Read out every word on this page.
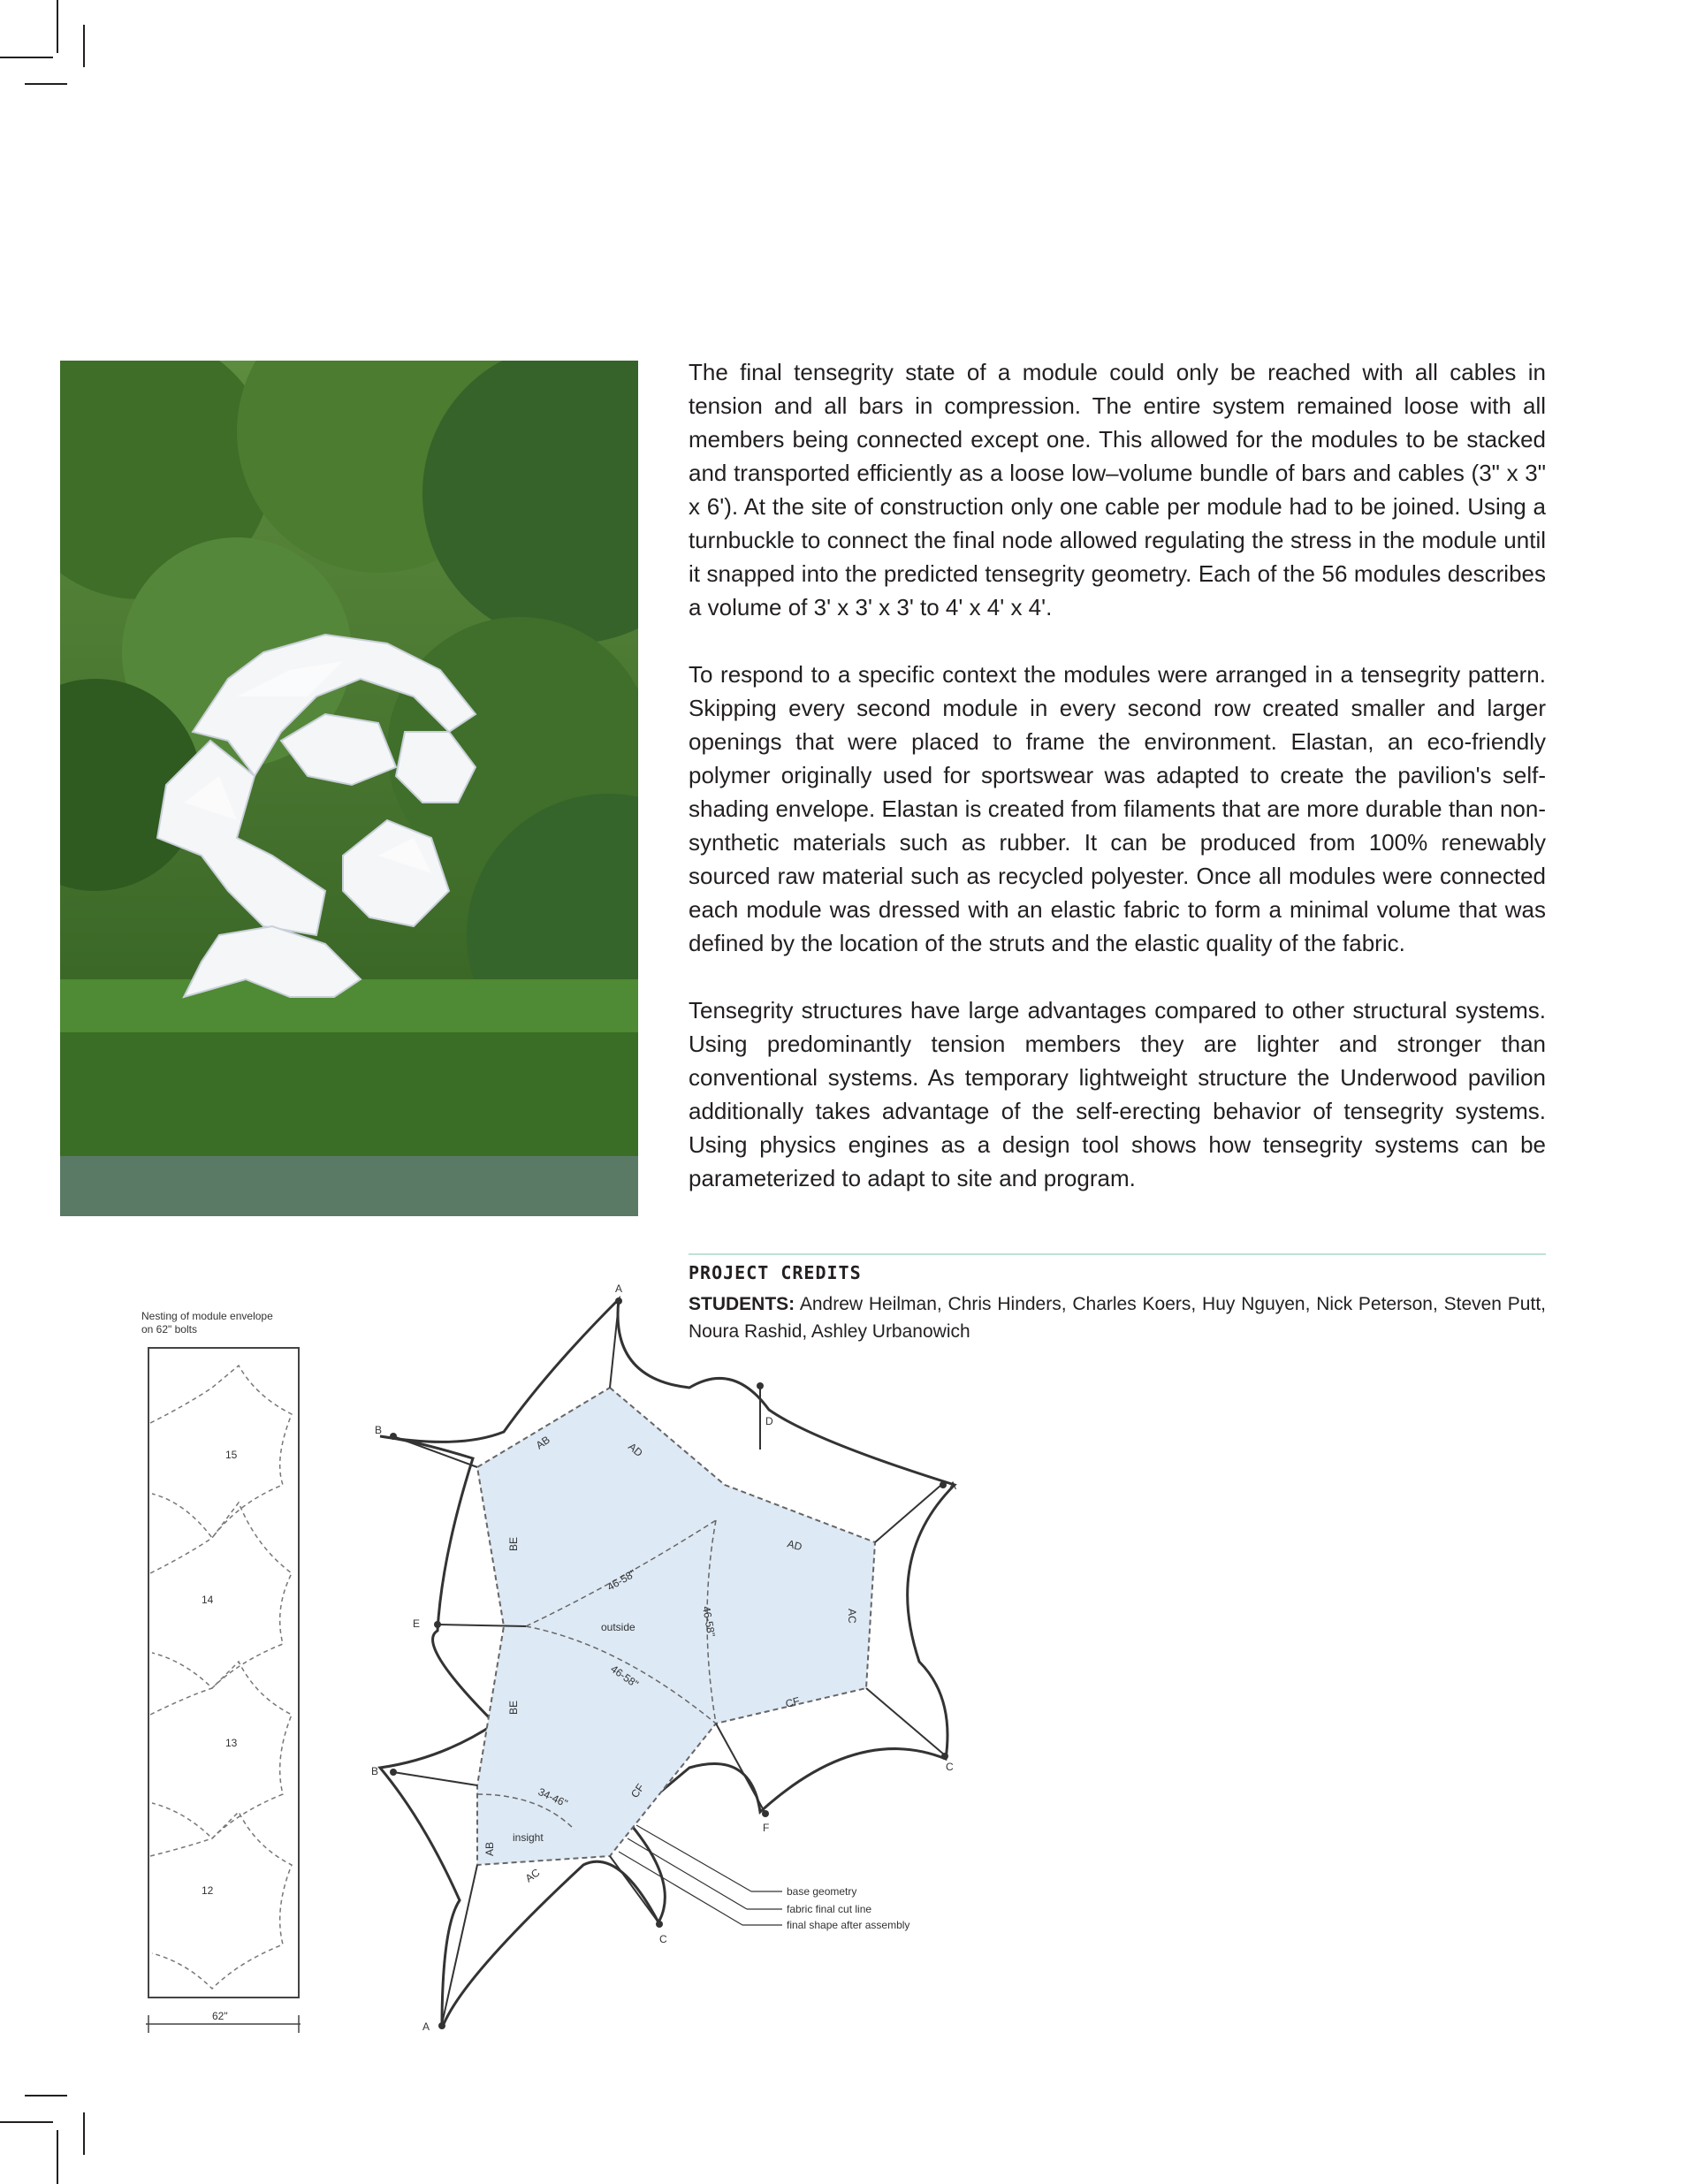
The final tensegrity state of a module could only be reached with all cables in tension and all bars in compression. The entire system remained loose with all members being connected except one. This allowed for the modules to be stacked and transported efficiently as a loose low–volume bundle of bars and cables (3" x 3" x 6'). At the site of construction only one cable per module had to be joined. Using a turnbuckle to connect the final node allowed regulating the stress in the module until it snapped into the predicted tensegrity geometry. Each of the 56 modules describes a volume of 3' x 3' x 3' to 4' x 4' x 4'.

To respond to a specific context the modules were arranged in a tensegrity pattern. Skipping every second module in every second row created smaller and larger openings that were placed to frame the environment. Elastan, an eco-friendly polymer originally used for sportswear was adapted to create the pavilion's self-shading envelope. Elastan is created from filaments that are more durable than non-synthetic materials such as rubber. It can be produced from 100% renewably sourced raw material such as recycled polyester. Once all modules were connected each module was dressed with an elastic fabric to form a minimal volume that was defined by the location of the struts and the elastic quality of the fabric.

Tensegrity structures have large advantages compared to other structural systems. Using predominantly tension members they are lighter and stronger than conventional systems. As temporary lightweight structure the Underwood pavilion additionally takes advantage of the self-erecting behavior of tensegrity systems. Using physics engines as a design tool shows how tensegrity systems can be parameterized to adapt to site and program.

PROJECT CREDITS
STUDENTS: Andrew Heilman, Chris Hinders, Charles Koers, Huy Nguyen, Nick Peterson, Steven Putt, Noura Rashid, Ashley Urbanowich
Nesting of module envelope
on 62" bolts
15
14
13
12
62"
A
B
D
A
E
C
B
F
C
A
AB	AD
BE	AD
AC
BE	CF
CF
AB
AC
46-58"
46-58"
46-58"
34-46"
outside
insight
base geometry
fabric final cut line
final shape after assembly
